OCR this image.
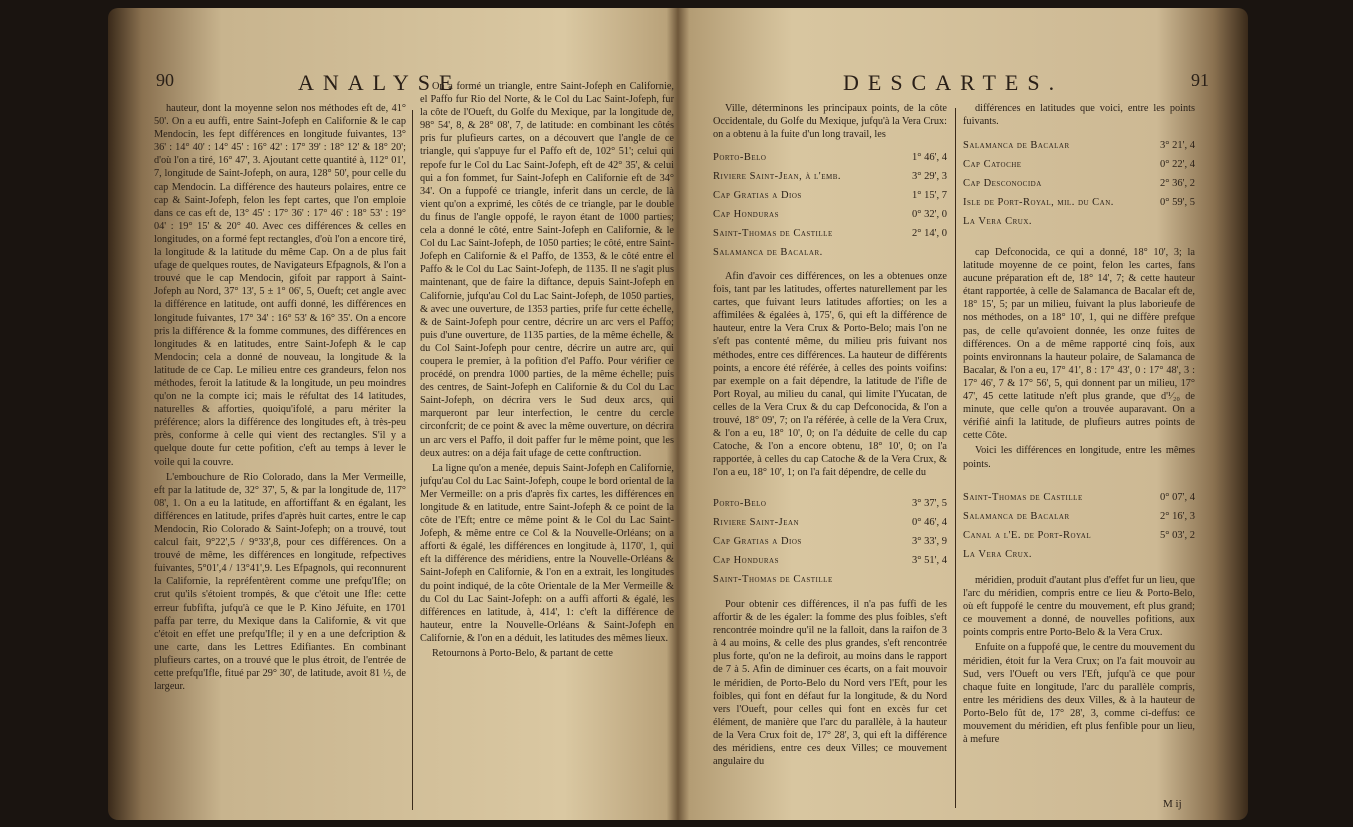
90	ANALYSE

hauteur, dont la moyenne selon nos méthodes eft de, 41° 50'. On a eu auffi, entre Saint-Jofeph en Californie & le cap Mendocin, les fept différences en longitude fuivantes, 13° 36' : 14° 40' : 14° 45' : 16° 42' : 17° 39' : 18° 12' & 18° 20'; d'où l'on a tiré, 16° 47', 3. Ajoutant cette quantité à, 112° 01', 7, longitude de Saint-Jofeph, on aura, 128° 50', pour celle du cap Mendocin. La différence des hauteurs polaires, entre ce cap & Saint-Jofeph, felon les fept cartes, que l'on emploie dans ce cas eft de, 13° 45' : 17° 36' : 17° 46' : 18° 53' : 19° 04' : 19° 15' & 20° 40. Avec ces différences & celles en longitudes, on a formé fept rectangles, d'où l'on a encore tiré, la longitude & la latitude du même Cap. On a de plus fait ufage de quelques routes, de Navigateurs Efpagnols, & l'on a trouvé que le cap Mendocin, gifoit par rapport à Saint-Jofeph au Nord, 37° 13', 5 ± 1° 06', 5, Oueft; cet angle avec la différence en latitude, ont auffi donné, les différences en longitude fuivantes, 17° 34' : 16° 53' & 16° 35'. On a encore pris la différence & la fomme communes, des différences en longitudes & en latitudes, entre Saint-Jofeph & le cap Mendocin; cela a donné de nouveau, la longitude & la latitude de ce Cap. Le milieu entre ces grandeurs, felon nos méthodes, feroit la latitude & la longitude, un peu moindres qu'on ne la compte ici; mais le réfultat des 14 latitudes, naturelles & afforties, quoiqu'ifolé, a paru mériter la préférence; alors la différence des longitudes eft, à très-peu près, conforme à celle qui vient des rectangles. S'il y a quelque doute fur cette pofition, c'eft au temps à lever le voile qui la couvre.

L'embouchure de Rio Colorado, dans la Mer Vermeille, eft par la latitude de, 32° 37', 5, & par la longitude de, 117° 08', 1. On a eu la latitude, en affortiffant & en égalant, les différences en latitude, prifes d'après huit cartes, entre le cap Mendocin, Rio Colorado & Saint-Jofeph; on a trouvé, tout calcul fait, 9°22',5 / 9°33',8, pour ces différences. On a trouvé de même, les différences en longitude, refpectives fuivantes, 5°01',4 / 13°41',9. Les Efpagnols, qui reconnurent la Californie, la repréfentèrent comme une prefqu'Ifle; on crut qu'ils s'étoient trompés, & que c'étoit une Ifle: cette erreur fubfifta, jufqu'à ce que le P. Kino Jéfuite, en 1701 paffa par terre, du Mexique dans la Californie, & vit que c'étoit en effet une prefqu'Ifle; il y en a une defcription & une carte, dans les Lettres Edifiantes. En combinant plufieurs cartes, on a trouvé que le plus étroit, de l'entrée de cette prefqu'Ifle, fitué par 29° 30', de latitude, avoit 81 ½, de largeur.

On a formé un triangle, entre Saint-Jofeph en Californie, el Paffo fur Rio del Norte, & le Col du Lac Saint-Jofeph, fur la côte de l'Oueft, du Golfe du Mexique, par la longitude de, 98° 54', 8, & 28° 08', 7, de latitude: en combinant les côtés pris fur plufieurs cartes, on a découvert que l'angle de ce triangle, qui s'appuye fur el Paffo eft de, 102° 51'; celui qui repofe fur le Col du Lac Saint-Jofeph, eft de 42° 35', & celui qui a fon fommet, fur Saint-Jofeph en Californie eft de 34° 34'. On a fuppofé ce triangle, inferit dans un cercle, de là vient qu'on a exprimé, les côtés de ce triangle, par le double du finus de l'angle oppofé, le rayon étant de 1000 parties; cela a donné le côté, entre Saint-Jofeph en Californie, & le Col du Lac Saint-Jofeph, de 1050 parties; le côté, entre Saint-Jofeph en Californie & el Paffo, de 1353, & le côté entre el Paffo & le Col du Lac Saint-Jofeph, de 1135. Il ne s'agit plus maintenant, que de faire la diftance, depuis Saint-Jofeph en Californie, jufqu'au Col du Lac Saint-Jofeph, de 1050 parties, & avec une ouverture, de 1353 parties, prife fur cette échelle, & de Saint-Jofeph pour centre, décrire un arc vers el Paffo; puis d'une ouverture, de 1135 parties, de la même échelle, & du Col Saint-Jofeph pour centre, décrire un autre arc, qui coupera le premier, à la pofition d'el Paffo. Pour vérifier ce procédé, on prendra 1000 parties, de la même échelle; puis des centres, de Saint-Jofeph en Californie & du Col du Lac Saint-Jofeph, on décrira vers le Sud deux arcs, qui marqueront par leur interfection, le centre du cercle circonfcrit; de ce point & avec la même ouverture, on décrira un arc vers el Paffo, il doit paffer fur le même point, que les deux autres: on a déja fait ufage de cette conftruction.

La ligne qu'on a menée, depuis Saint-Jofeph en Californie, jufqu'au Col du Lac Saint-Jofeph, coupe le bord oriental de la Mer Vermeille: on a pris d'après fix cartes, les différences en longitude & en latitude, entre Saint-Jofeph & ce point de la côte de l'Eft; entre ce même point & le Col du Lac Saint-Jofeph, & même entre ce Col & la Nouvelle-Orléans; on a afforti & égalé, les différences en longitude à, 1170', 1, qui eft la différence des méridiens, entre la Nouvelle-Orléans & Saint-Jofeph en Californie, & l'on en a extrait, les longitudes du point indiqué, de la côte Orientale de la Mer Vermeille & du Col du Lac Saint-Jofeph: on a auffi afforti & égalé, les différences en latitude, à, 414', 1: c'eft la différence de hauteur, entre la Nouvelle-Orléans & Saint-Jofeph en Californie, & l'on en a déduit, les latitudes des mêmes lieux.

Retournons à Porto-Belo, & partant de cette

DESCARTES.	91

Ville, déterminons les principaux points, de la côte Occidentale, du Golfe du Mexique, jufqu'à la Vera Crux: on a obtenu à la fuite d'un long travail, les

Porto-Belo	1° 46', 4
Riviere Saint-Jean, à l'emb.	3° 29', 3
Cap Gratias a Dios	1° 15', 7
Cap Honduras	0° 32', 0
Saint-Thomas de Castille	2° 14', 0
Salamanca de Bacalar.

Afin d'avoir ces différences, on les a obtenues onze fois, tant par les latitudes, offertes naturellement par les cartes, que fuivant leurs latitudes afforties; on les a affimilées & égalées à, 175', 6, qui eft la différence de hauteur, entre la Vera Crux & Porto-Belo; mais l'on ne s'eft pas contenté même, du milieu pris fuivant nos méthodes, entre ces différences. La hauteur de différents points, a encore été référée, à celles des points voifins: par exemple on a fait dépendre, la latitude de l'ifle de Port Royal, au milieu du canal, qui limite l'Yucatan, de celles de la Vera Crux & du cap Defconocida, & l'on a trouvé, 18° 09', 7; on l'a référée, à celle de la Vera Crux, & l'on a eu, 18° 10', 0; on l'a déduite de celle du cap Catoche, & l'on a encore obtenu, 18° 10', 0; on l'a rapportée, à celles du cap Catoche & de la Vera Crux, & l'on a eu, 18° 10', 1; on l'a fait dépendre, de celle du

Porto-Belo	3° 37', 5
Riviere Saint-Jean	0° 46', 4
Cap Gratias a Dios	3° 33', 9
Cap Honduras	3° 51', 4
Saint-Thomas de Castille

Pour obtenir ces différences, il n'a pas fuffi de les affortir & de les égaler: la fomme des plus foibles, s'eft rencontrée moindre qu'il ne la falloit, dans la raifon de 3 à 4 au moins, & celle des plus grandes, s'eft rencontrée plus forte, qu'on ne la defiroit, au moins dans le rapport de 7 à 5. Afin de diminuer ces écarts, on a fait mouvoir le méridien, de Porto-Belo du Nord vers l'Eft, pour les foibles, qui font en défaut fur la longitude, & du Nord vers l'Oueft, pour celles qui font en excès fur cet élément, de manière que l'arc du parallèle, à la hauteur de la Vera Crux foit de, 17° 28', 3, qui eft la différence des méridiens, entre ces deux Villes; ce mouvement angulaire du

différences en latitudes que voici, entre les points fuivants.

Salamanca de Bacalar	3° 21', 4
Cap Catoche	0° 22', 4
Cap Desconocida	2° 36', 2
Isle de Port-Royal, mil. du Can.	0° 59', 5
La Vera Crux.

cap Defconocida, ce qui a donné, 18° 10', 3; la latitude moyenne de ce point, felon les cartes, fans aucune préparation eft de, 18° 14', 7; & cette hauteur étant rapportée, à celle de Salamanca de Bacalar eft de, 18° 15', 5; par un milieu, fuivant la plus laborieufe de nos méthodes, on a 18° 10', 1, qui ne diffère prefque pas, de celle qu'avoient donnée, les onze fuites de différences. On a de même rapporté cinq fois, aux points environnans la hauteur polaire, de Salamanca de Bacalar, & l'on a eu, 17° 41', 8 : 17° 43', 0 : 17° 48', 3 : 17° 46', 7 & 17° 56', 5, qui donnent par un milieu, 17° 47', 45 cette latitude n'eft plus grande, que d'¹⁄₂₀ de minute, que celle qu'on a trouvée auparavant. On a vérifié ainfi la latitude, de plufieurs autres points de cette Côte.

Voici les différences en longitude, entre les mêmes points.

Saint-Thomas de Castille	0° 07', 4
Salamanca de Bacalar	2° 16', 3
Canal a l'E. de Port-Royal	5° 03', 2
La Vera Crux.

méridien, produit d'autant plus d'effet fur un lieu, que l'arc du méridien, compris entre ce lieu & Porto-Belo, où eft fuppofé le centre du mouvement, eft plus grand; ce mouvement a donné, de nouvelles pofitions, aux points compris entre Porto-Belo & la Vera Crux.

Enfuite on a fuppofé que, le centre du mouvement du méridien, étoit fur la Vera Crux; on l'a fait mouvoir au Sud, vers l'Oueft ou vers l'Eft, jufqu'à ce que pour chaque fuite en longitude, l'arc du parallèle compris, entre les méridiens des deux Villes, & à la hauteur de Porto-Belo fût de, 17° 28', 3, comme ci-deffus: ce mouvement du méridien, eft plus fenfible pour un lieu, à mefure

M ij
